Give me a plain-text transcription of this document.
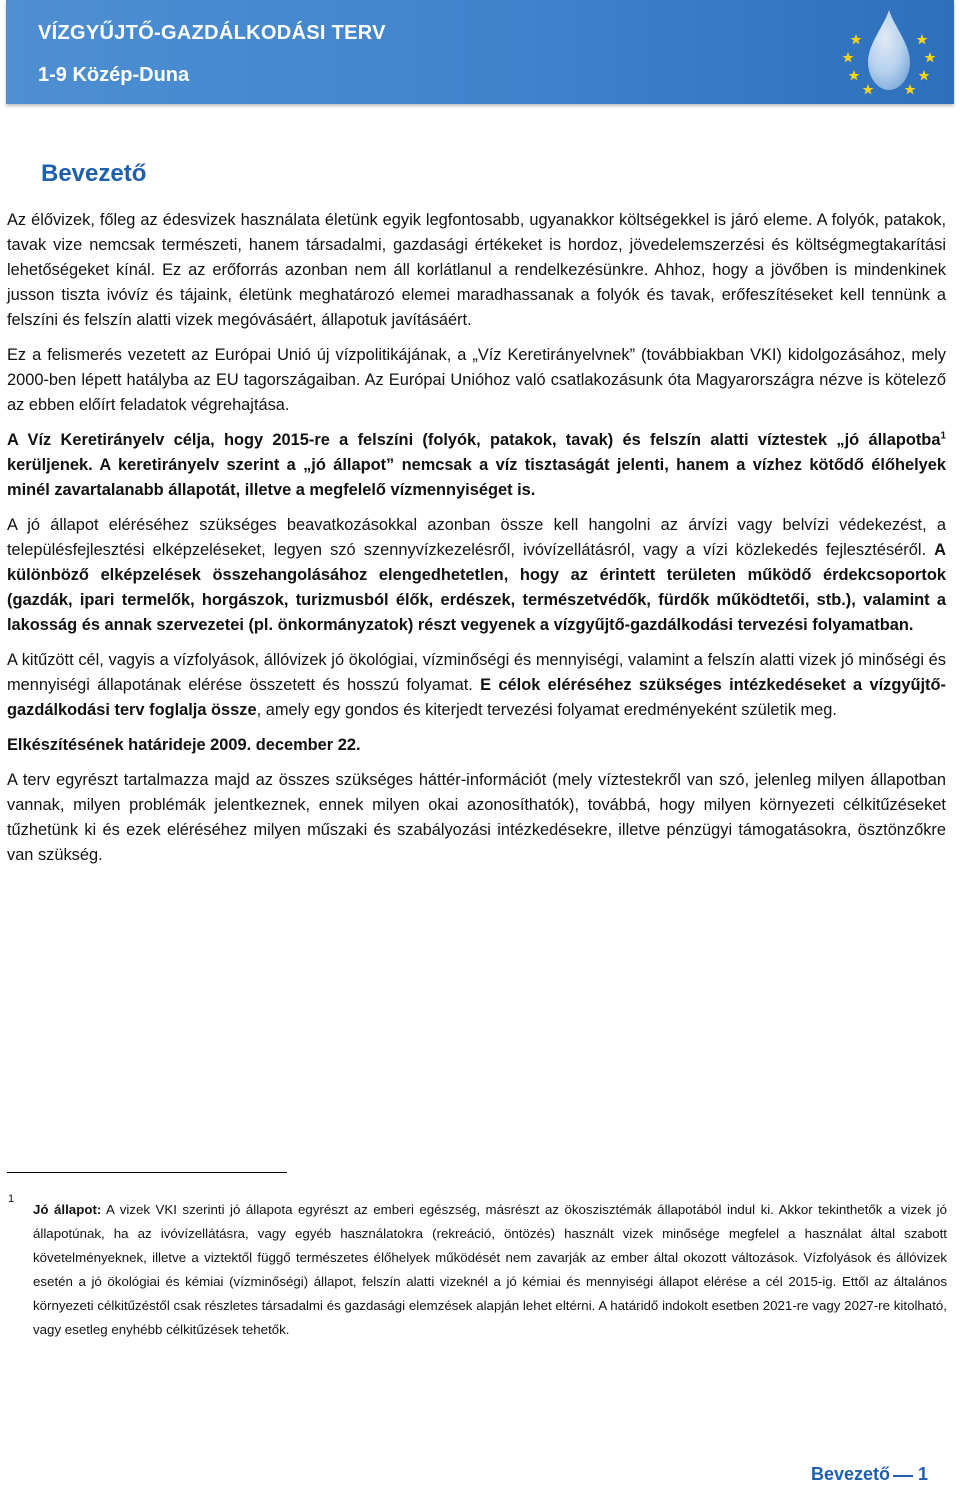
VÍZGYŰJTŐ-GAZDÁLKODÁSI TERV
1-9 Közép-Duna
Bevezető

Az élővizek, főleg az édesvizek használata életünk egyik legfontosabb, ugyanakkor költségekkel is járó eleme. A folyók, patakok, tavak vize nemcsak természeti, hanem társadalmi, gazdasági értékeket is hordoz, jövedelemszerzési és költségmegtakarítási lehetőségeket kínál. Ez az erőforrás azonban nem áll korlátlanul a rendelkezésünkre. Ahhoz, hogy a jövőben is mindenkinek jusson tiszta ivóvíz és tájaink, életünk meghatározó elemei maradhassanak a folyók és tavak, erőfeszítéseket kell tennünk a felszíni és felszín alatti vizek megóvásáért, állapotuk javításáért.

Ez a felismerés vezetett az Európai Unió új vízpolitikájának, a „Víz Keretirányelvnek” (továbbiakban VKI) kidolgozásához, mely 2000-ben lépett hatályba az EU tagországaiban. Az Európai Unióhoz való csatlakozásunk óta Magyarországra nézve is kötelező az ebben előírt feladatok végrehajtása.

A Víz Keretirányelv célja, hogy 2015-re a felszíni (folyók, patakok, tavak) és felszín alatti víztestek „jó állapotba$^1$ kerüljenek. A keretirányelv szerint a „jó állapot” nemcsak a víz tisztaságát jelenti, hanem a vízhez kötődő élőhelyek minél zavartalanabb állapotát, illetve a megfelelő vízmennyiséget is.

A jó állapot eléréséhez szükséges beavatkozásokkal azonban össze kell hangolni az árvízi vagy belvízi védekezést, a településfejlesztési elképzeléseket, legyen szó szennyvízkezelésről, ivóvízellátásról, vagy a vízi közlekedés fejlesztéséről. A különböző elképzelések összehangolásához elengedhetetlen, hogy az érintett területen működő érdekcsoportok (gazdák, ipari termelők, horgászok, turizmusból élők, erdészek, természetvédők, fürdők működtetői, stb.), valamint a lakosság és annak szervezetei (pl. önkormányzatok) részt vegyenek a vízgyűjtő-gazdálkodási tervezési folyamatban.

A kitűzött cél, vagyis a vízfolyások, állóvizek jó ökológiai, vízminőségi és mennyiségi, valamint a felszín alatti vizek jó minőségi és mennyiségi állapotának elérése összetett és hosszú folyamat. E célok eléréséhez szükséges intézkedéseket a vízgyűjtő-gazdálkodási terv foglalja össze, amely egy gondos és kiterjedt tervezési folyamat eredményeként születik meg.

Elkészítésének határideje 2009. december 22.

A terv egyrészt tartalmazza majd az összes szükséges háttér-információt (mely víztestekről van szó, jelenleg milyen állapotban vannak, milyen problémák jelentkeznek, ennek milyen okai azonosíthatók), továbbá, hogy milyen környezeti célkitűzéseket tűzhetünk ki és ezek eléréséhez milyen műszaki és szabályozási intézkedésekre, illetve pénzügyi támogatásokra, ösztönzőkre van szükség.

1
Jó állapot: A vizek VKI szerinti jó állapota egyrészt az emberi egészség, másrészt az ökoszisztémák állapotából indul ki. Akkor tekinthetők a vizek jó állapotúnak, ha az ivóvízellátásra, vagy egyéb használatokra (rekreáció, öntözés) használt vizek minősége megfelel a használat által szabott követelményeknek, illetve a viztektől függő természetes élőhelyek működését nem zavarják az ember által okozott változások. Vízfolyások és állóvizek esetén a jó ökológiai és kémiai (vízminőségi) állapot, felszín alatti vizeknél a jó kémiai és mennyiségi állapot elérése a cél 2015-ig. Ettől az általános környezeti célkitűzéstől csak részletes társadalmi és gazdasági elemzések alapján lehet eltérni. A határidő indokolt esetben 2021-re vagy 2027-re kitolható, vagy esetleg enyhébb célkitűzések tehetők.
Bevezető 1
